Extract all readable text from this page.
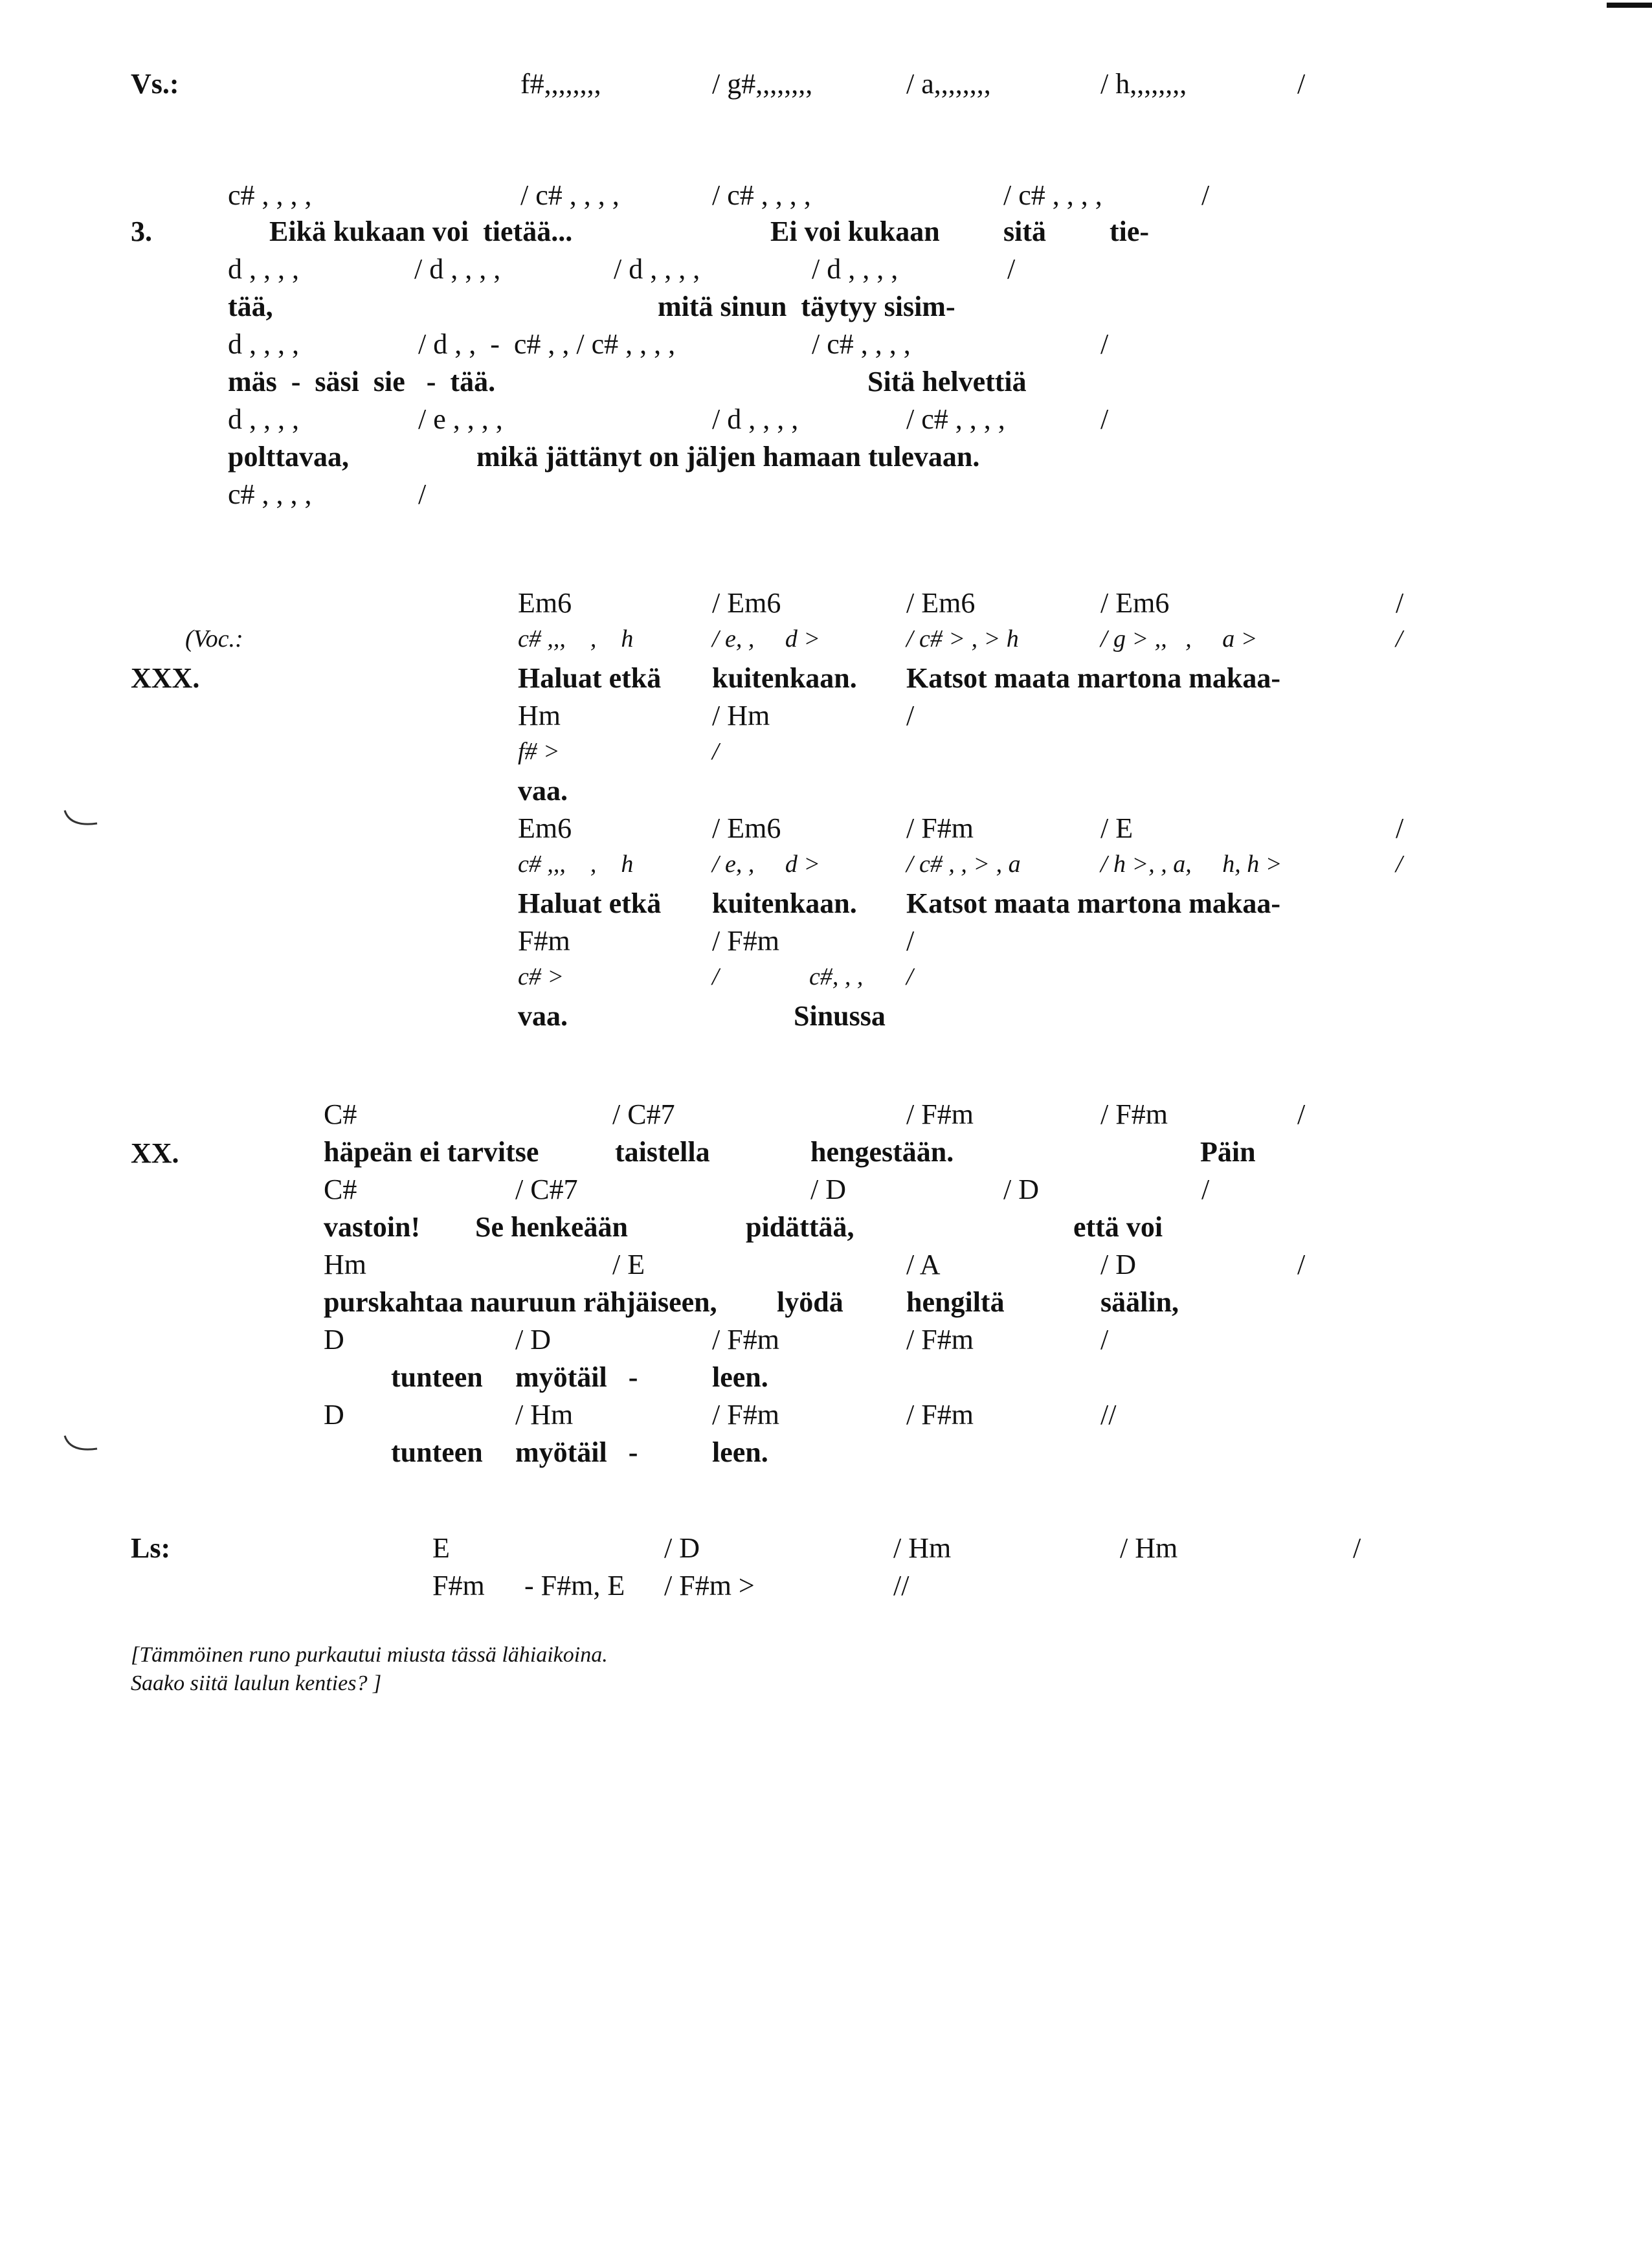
Vs.:	f#,,,,,,,,	/ g#,,,,,,,,	/ a,,,,,,,,	/ h,,,,,,,,	/
3.
c# , , , ,	/ c# , , , ,	/ c# , , , ,	/ c# , , , ,	/
Eikä kukaan voi  tietää...	Ei voi kukaan sitä tie-
d , , , ,	/ d , , , ,	/ d , , , ,	/ d , , , ,	/
tää,	mitä sinun  täytyy sisim-
d , , , ,	/ d , ,  -  c# , , / c# , , , ,	/ c# , , , ,	/
mäs  -  säsi  sie   -  tää.	Sitä helvettiä
d , , , ,	/ e , , , ,	/ d , , , ,	/ c# , , , ,	/
polttavaa,	mikä jättänyt on jäljen hamaan tulevaan.
c# , , , ,	/
(Voc.:
XXX.
Em6	/ Em6	/ Em6	/ Em6	/
c# ,,,    ,    h	/ e, ,     d >	/ c# > , > h	/ g > ,,   ,     a >	/
Haluat etkä kuitenkaan. Katsot maata martona makaa-
Hm	/ Hm	/
f# >	/
vaa.
Em6	/ Em6	/ F#m	/ E	/
c# ,,,    ,    h	/ e, ,     d >	/ c# , , > , a	/ h >, , a,     h, h >	/
Haluat etkä kuitenkaan. Katsot maata martona makaa-
F#m	/ F#m	/
c# >	/	c#, , , /
vaa.	Sinussa
XX.
C#	/ C#7	/ F#m	/ F#m	/
häpeän ei tarvitse	taistella	hengestään.	Päin
C#	/ C#7	/ D	/ D	/
vastoin! Se henkeään	pidättää,	että voi
Hm	/ E	/ A	/ D	/
purskahtaa nauruun rähjäiseen, lyödä hengiltä	säälin,
D	/ D	/ F#m	/ F#m	/
tunteen myötäil   -	leen.
D	/ Hm	/ F#m	/ F#m	//
tunteen myötäil   -	leen.
Ls:	E	/ D	/ Hm	/ Hm	/
F#m - F#m, E / F#m >	//
[Tämmöinen runo purkautui miusta tässä lähiaikoina.
Saako siitä laulun kenties? ]
